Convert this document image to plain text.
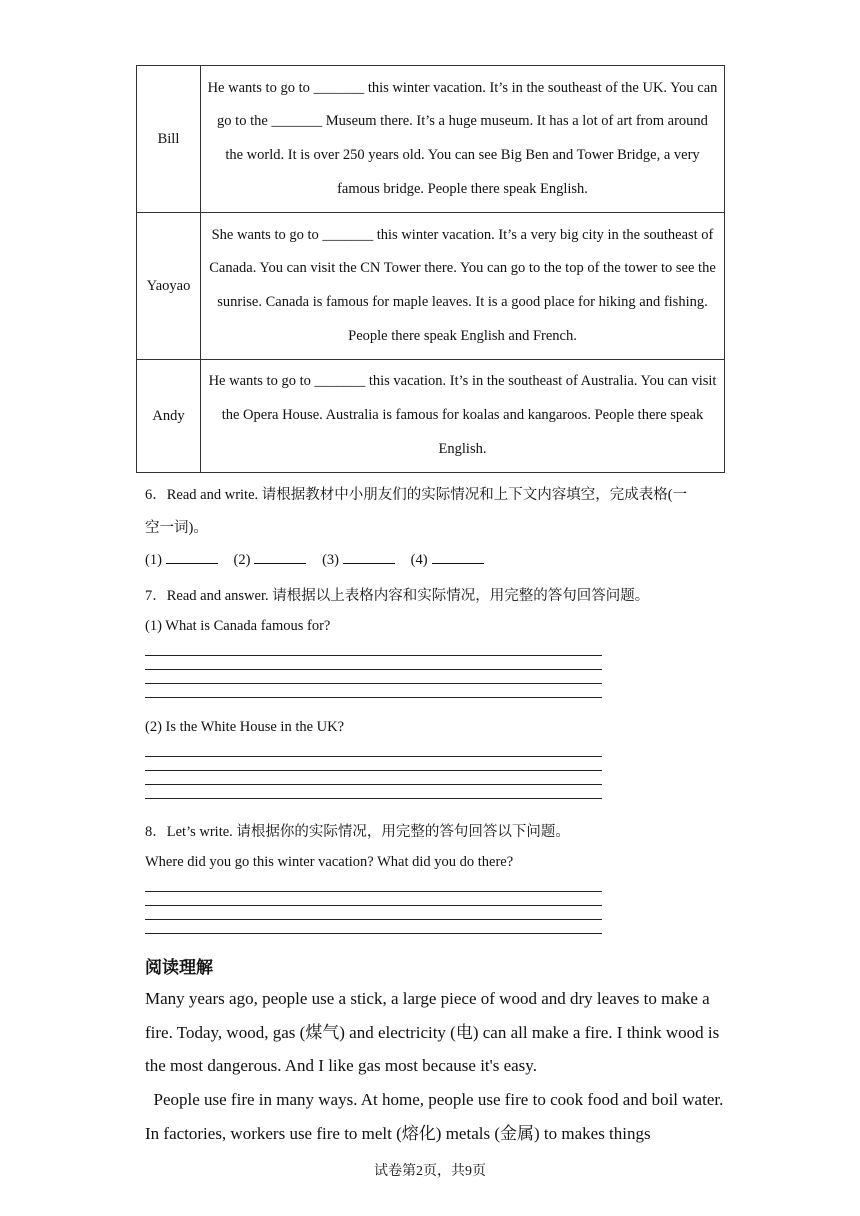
Bill	He wants to go to _______ this winter vacation. It’s in the southeast of the UK. You can go to the _______ Museum there. It’s a huge museum. It has a lot of art from around the world. It is over 250 years old. You can see Big Ben and Tower Bridge, a very famous bridge. People there speak English.
Yaoyao	She wants to go to _______ this winter vacation. It’s a very big city in the southeast of Canada. You can visit the CN Tower there. You can go to the top of the tower to see the sunrise. Canada is famous for maple leaves. It is a good place for hiking and fishing. People there speak English and French.
Andy	He wants to go to _______ this vacation. It’s in the southeast of Australia. You can visit the Opera House. Australia is famous for koalas and kangaroos. People there speak English.
6．Read and write. 请根据教材中小朋友们的实际情况和上下文内容填空，完成表格(一
空一词)。
(1)	(2)	(3)	(4)
7．Read and answer. 请根据以上表格内容和实际情况，用完整的答句回答问题。
(1) What is Canada famous for?
(2) Is the White House in the UK?
8．Let’s write. 请根据你的实际情况，用完整的答句回答以下问题。
Where did you go this winter vacation? What did you do there?
阅读理解

Many years ago, people use a stick, a large piece of wood and dry leaves to make a fire. Today, wood, gas (煤气) and electricity (电) can all make a fire. I think wood is the most dangerous. And I like gas most because it's easy.

People use fire in many ways. At home, people use fire to cook food and boil water. In factories, workers use fire to melt (熔化) metals (金属) to makes things

试卷第2页，共9页
